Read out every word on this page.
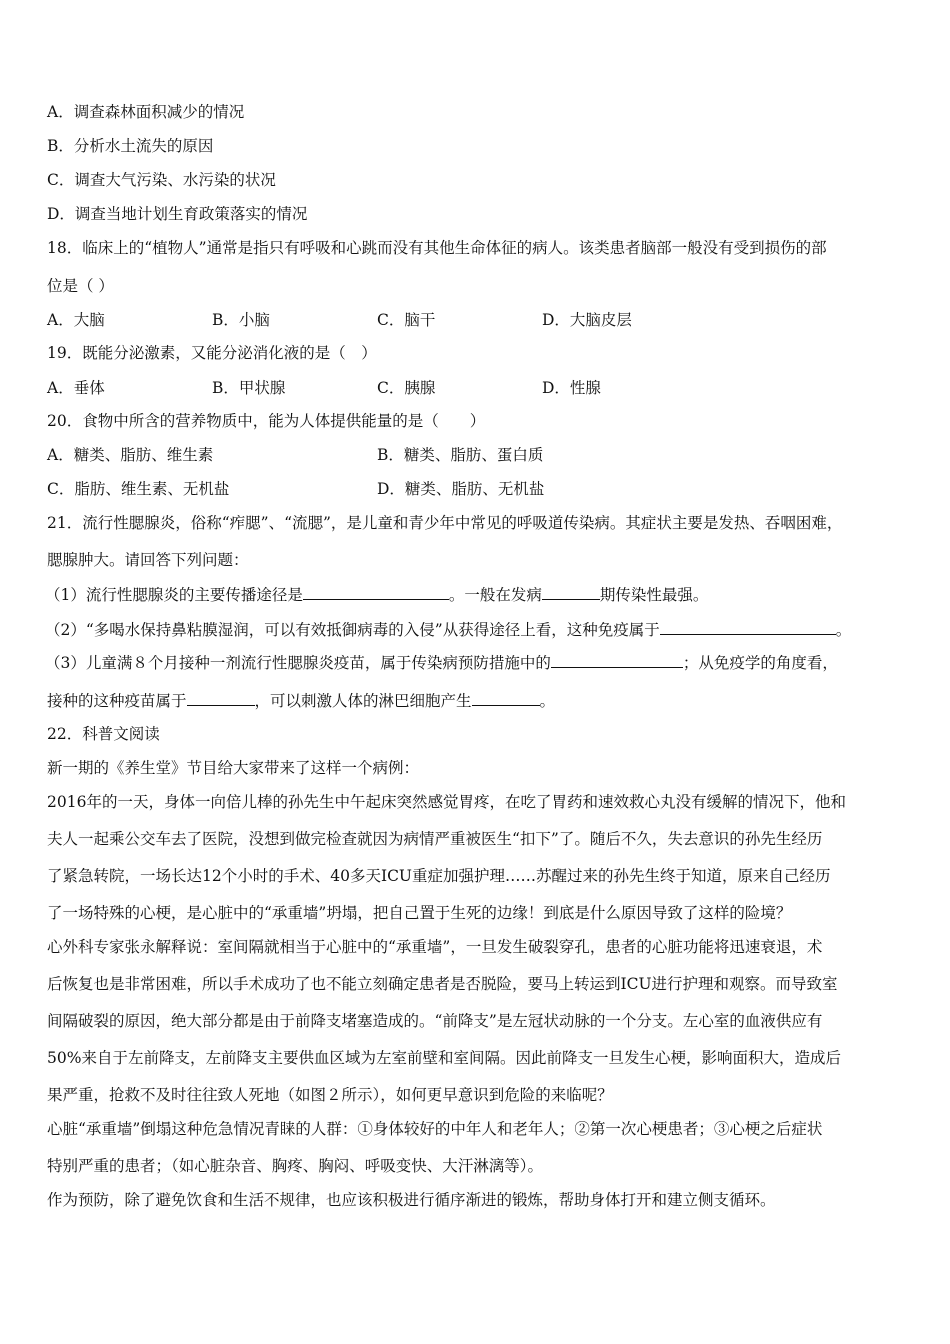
A．调查森林面积减少的情况
B．分析水土流失的原因
C．调查大气污染、水污染的状况
D．调查当地计划生育政策落实的情况
18．临床上的“植物人”通常是指只有呼吸和心跳而没有其他生命体征的病人。该类患者脑部一般没有受到损伤的部
位是（ ）
A．大脑	B．小脑	C．脑干	D．大脑皮层
19．既能分泌激素，又能分泌消化液的是（　）
A．垂体	B．甲状腺	C．胰腺	D．性腺
20．食物中所含的营养物质中，能为人体提供能量的是（　　）
A．糖类、脂肪、维生素	B．糖类、脂肪、蛋白质
C．脂肪、维生素、无机盐	D．糖类、脂肪、无机盐
21．流行性腮腺炎，俗称“痄腮”、“流腮”，是儿童和青少年中常见的呼吸道传染病。其症状主要是发热、吞咽困难，
腮腺肿大。请回答下列问题：
（1）流行性腮腺炎的主要传播途径是	。一般在发病	期传染性最强。
（2）“多喝水保持鼻粘膜湿润，可以有效抵御病毒的入侵”从获得途径上看，这种免疫属于	。
（3）儿童满８个月接种一剂流行性腮腺炎疫苗，属于传染病预防措施中的	；从免疫学的角度看，
接种的这种疫苗属于	，可以刺激人体的淋巴细胞产生	。
22．科普文阅读
新一期的《养生堂》节目给大家带来了这样一个病例：
2016年的一天，身体一向倍儿棒的孙先生中午起床突然感觉胃疼，在吃了胃药和速效救心丸没有缓解的情况下，他和
夫人一起乘公交车去了医院，没想到做完检查就因为病情严重被医生“扣下”了。随后不久，失去意识的孙先生经历
了紧急转院，一场长达12个小时的手术、40多天ICU重症加强护理……苏醒过来的孙先生终于知道，原来自己经历
了一场特殊的心梗，是心脏中的“承重墙”坍塌，把自己置于生死的边缘！到底是什么原因导致了这样的险境？
心外科专家张永解释说：室间隔就相当于心脏中的“承重墙”，一旦发生破裂穿孔，患者的心脏功能将迅速衰退，术
后恢复也是非常困难，所以手术成功了也不能立刻确定患者是否脱险，要马上转运到ICU进行护理和观察。而导致室
间隔破裂的原因，绝大部分都是由于前降支堵塞造成的。“前降支”是左冠状动脉的一个分支。左心室的血液供应有
50%来自于左前降支，左前降支主要供血区域为左室前壁和室间隔。因此前降支一旦发生心梗，影响面积大，造成后
果严重，抢救不及时往往致人死地（如图２所示），如何更早意识到危险的来临呢？
心脏“承重墙”倒塌这种危急情况青睐的人群：①身体较好的中年人和老年人；②第一次心梗患者；③心梗之后症状
特别严重的患者；（如心脏杂音、胸疼、胸闷、呼吸变快、大汗淋漓等）。
作为预防，除了避免饮食和生活不规律，也应该积极进行循序渐进的锻炼，帮助身体打开和建立侧支循环。
